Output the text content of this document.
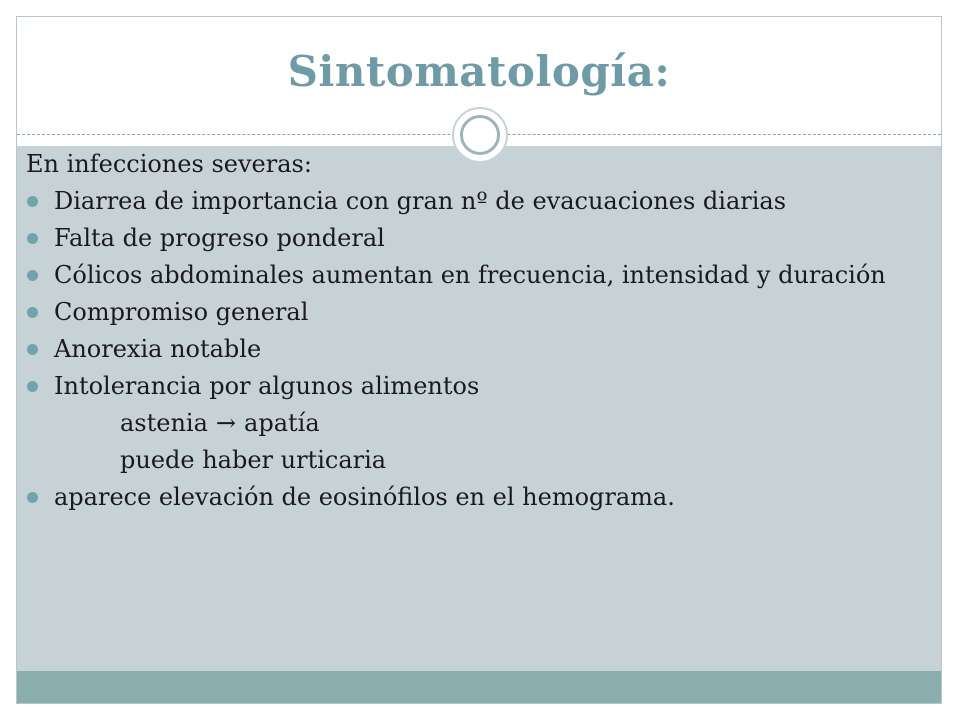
Sintomatología:
En infecciones severas:
Diarrea de importancia con gran nº de evacuaciones diarias
Falta de progreso ponderal
Cólicos abdominales aumentan en frecuencia, intensidad y duración
Compromiso general
Anorexia notable
Intolerancia por algunos alimentos
astenia → apatía
puede haber urticaria
aparece elevación de eosinófilos en el hemograma.
